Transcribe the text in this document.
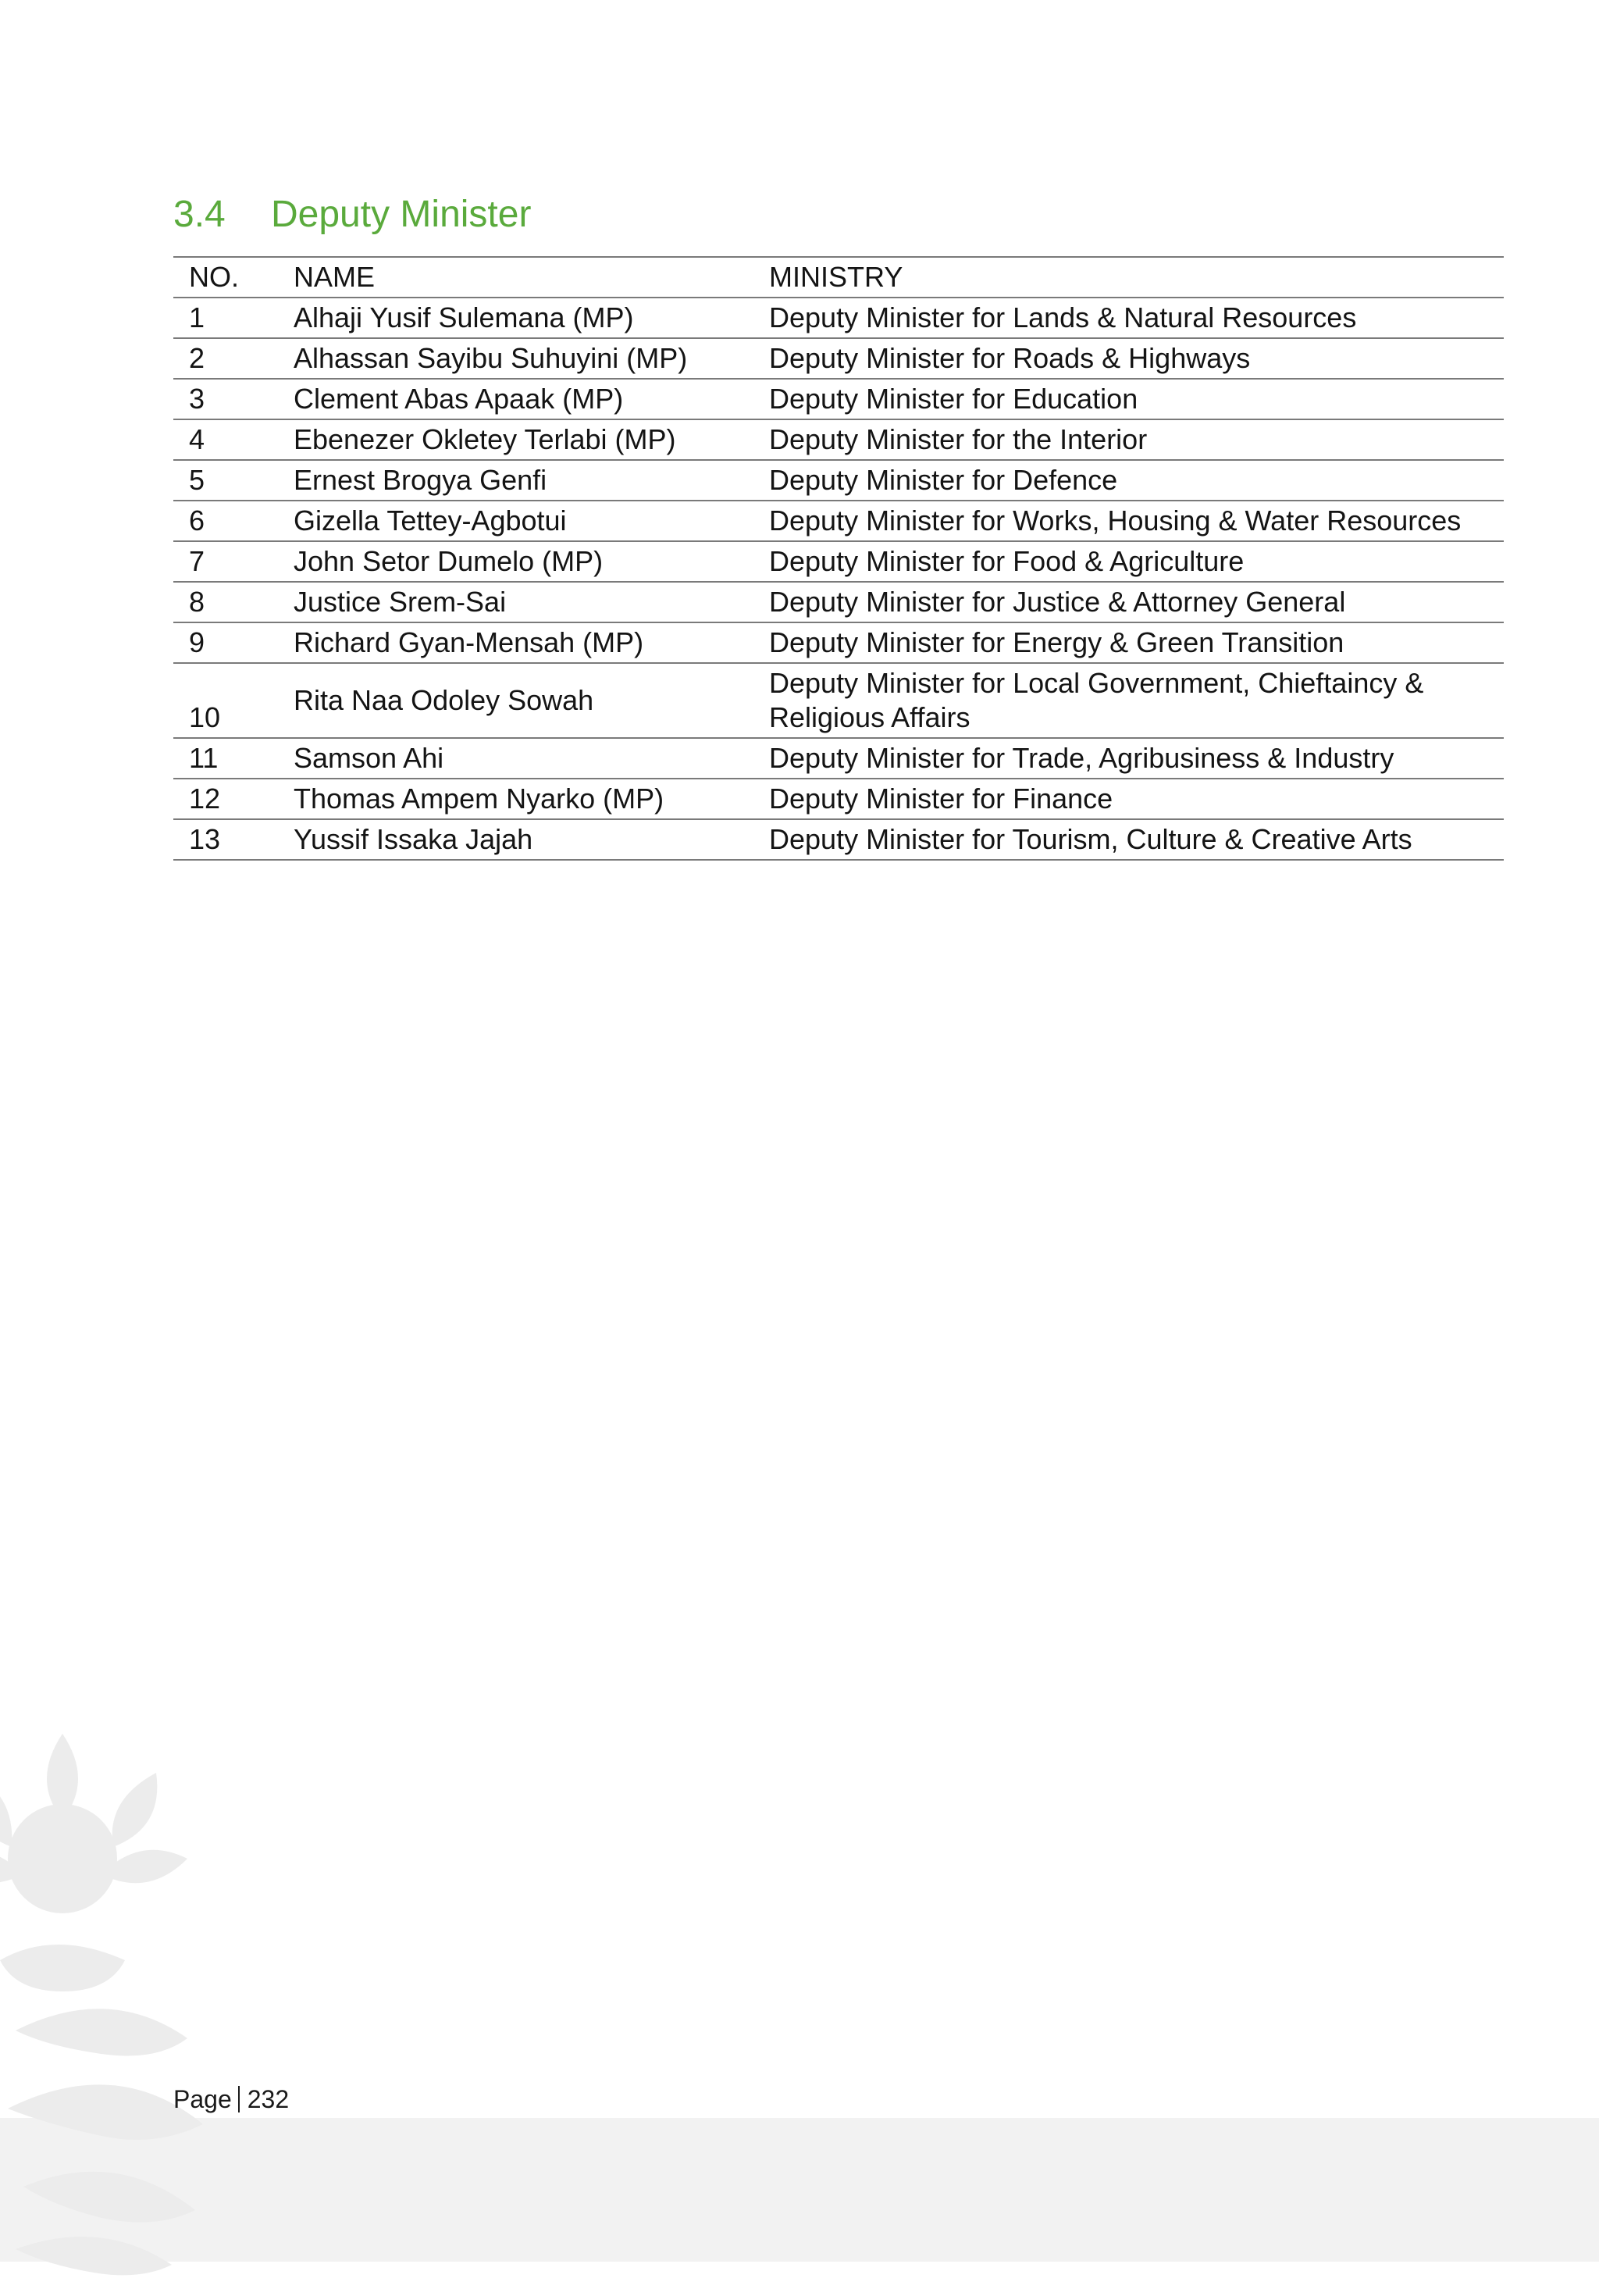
3.4 Deputy Minister
NO.	NAME	MINISTRY
1	Alhaji Yusif Sulemana (MP)	Deputy Minister for Lands & Natural Resources
2	Alhassan Sayibu Suhuyini (MP)	Deputy Minister for Roads & Highways
3	Clement Abas Apaak (MP)	Deputy Minister for Education
4	Ebenezer Okletey Terlabi (MP)	Deputy Minister for the Interior
5	Ernest Brogya Genfi	Deputy Minister for Defence
6	Gizella Tettey-Agbotui	Deputy Minister for Works, Housing & Water Resources
7	John Setor Dumelo (MP)	Deputy Minister for Food & Agriculture
8	Justice Srem-Sai	Deputy Minister for Justice & Attorney General
9	Richard Gyan-Mensah (MP)	Deputy Minister for Energy & Green Transition
10	Rita Naa Odoley Sowah	Deputy Minister for Local Government, Chieftaincy & Religious Affairs
11	Samson Ahi	Deputy Minister for Trade, Agribusiness & Industry
12	Thomas Ampem Nyarko (MP)	Deputy Minister for Finance
13	Yussif Issaka Jajah	Deputy Minister for Tourism, Culture & Creative Arts
Page 232
